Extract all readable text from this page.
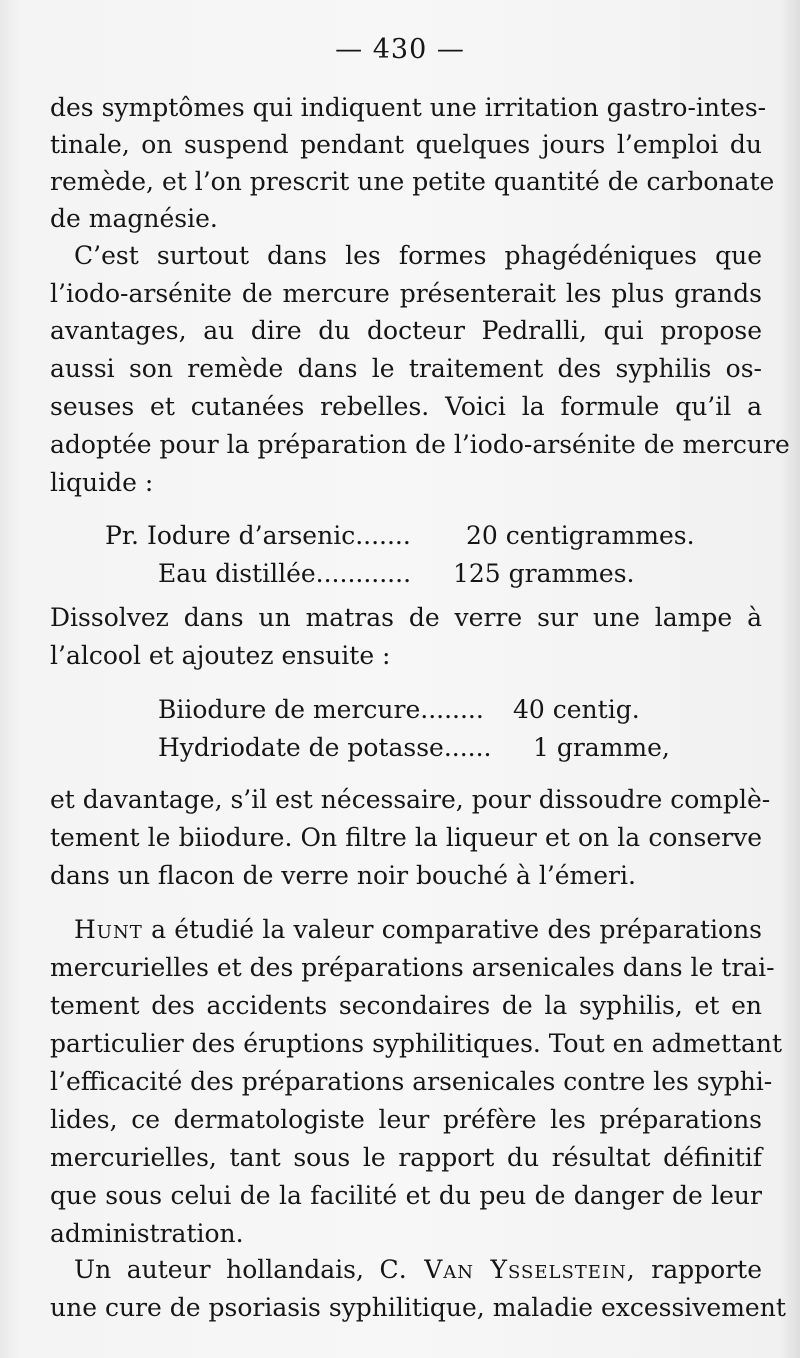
— 430 —
des symptômes qui indiquent une irritation gastro-intes-
tinale, on suspend pendant quelques jours l’emploi du
remède, et l’on prescrit une petite quantité de carbonate
de magnésie.
C’est surtout dans les formes phagédéniques que
l’iodo-arsénite de mercure présenterait les plus grands
avantages, au dire du docteur Pedralli, qui propose
aussi son remède dans le traitement des syphilis os-
seuses et cutanées rebelles. Voici la formule qu’il a
adoptée pour la préparation de l’iodo-arsénite de mercure
liquide :
Pr. Iodure d’arsenic....... 20 centigrammes.
Eau distillée............ 125 grammes.
Dissolvez dans un matras de verre sur une lampe à
l’alcool et ajoutez ensuite :
Biiodure de mercure........ 40 centig.
Hydriodate de potasse...... 1 gramme,
et davantage, s’il est nécessaire, pour dissoudre complè-
tement le biiodure. On filtre la liqueur et on la conserve
dans un flacon de verre noir bouché à l’émeri.
Hunt a étudié la valeur comparative des préparations
mercurielles et des préparations arsenicales dans le trai-
tement des accidents secondaires de la syphilis, et en
particulier des éruptions syphilitiques. Tout en admettant
l’efficacité des préparations arsenicales contre les syphi-
lides, ce dermatologiste leur préfère les préparations
mercurielles, tant sous le rapport du résultat définitif
que sous celui de la facilité et du peu de danger de leur
administration.
Un auteur hollandais, C. Van Ysselstein, rapporte
une cure de psoriasis syphilitique, maladie excessivement
